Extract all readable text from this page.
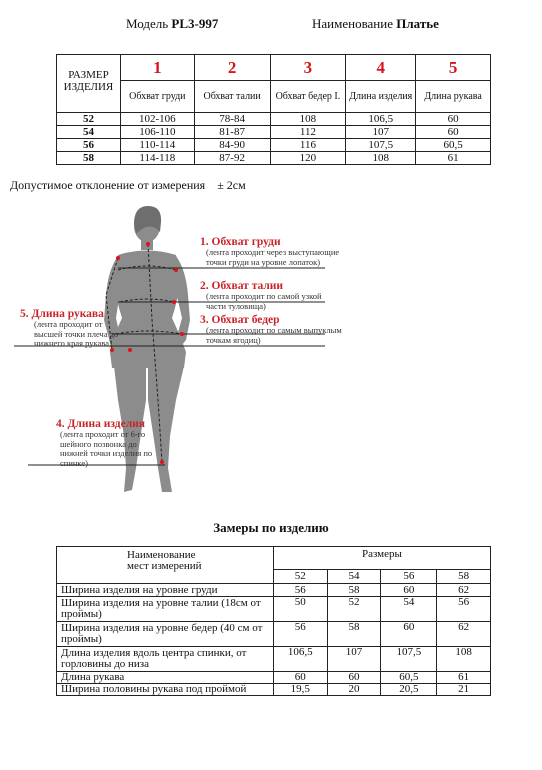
Модель PL3-997	Наименование Платье
РАЗМЕР ИЗДЕЛИЯ	1	2	3	4	5
	Обхват груди	Обхват талии	Обхват бедер I.	Длина изделия	Длина рукава
52	102-106	78-84	108	106,5	60
54	106-110	81-87	112	107	60
56	110-114	84-90	116	107,5	60,5
58	114-118	87-92	120	108	61
Допустимое отклонение от измерения ± 2см
1. Обхват груди
(лента проходит через выступающие точки груди на уровне лопаток)
2. Обхват талии
(лента проходит по самой узкой части туловища)
3. Обхват бедер
(лента проходит по самым выпуклым точкам ягодиц)
5. Длина рукава
(лента проходит от высшей точки плеча до нижнего края рукава)
4. Длина изделия
(лента проходит от 6-го шейного позвонка до нижней точки изделия по спинке)
Замеры по изделию
Наименование мест измерений	Размеры			
	52	54	56	58
Ширина изделия на уровне груди	56	58	60	62
Ширина изделия на уровне талии (18см от проймы)	50	52	54	56
Ширина изделия на уровне бедер (40 см от проймы)	56	58	60	62
Длина изделия вдоль центра спинки, от горловины до низа	106,5	107	107,5	108
Длина рукава	60	60	60,5	61
Ширина половины рукава под проймой	19,5	20	20,5	21
